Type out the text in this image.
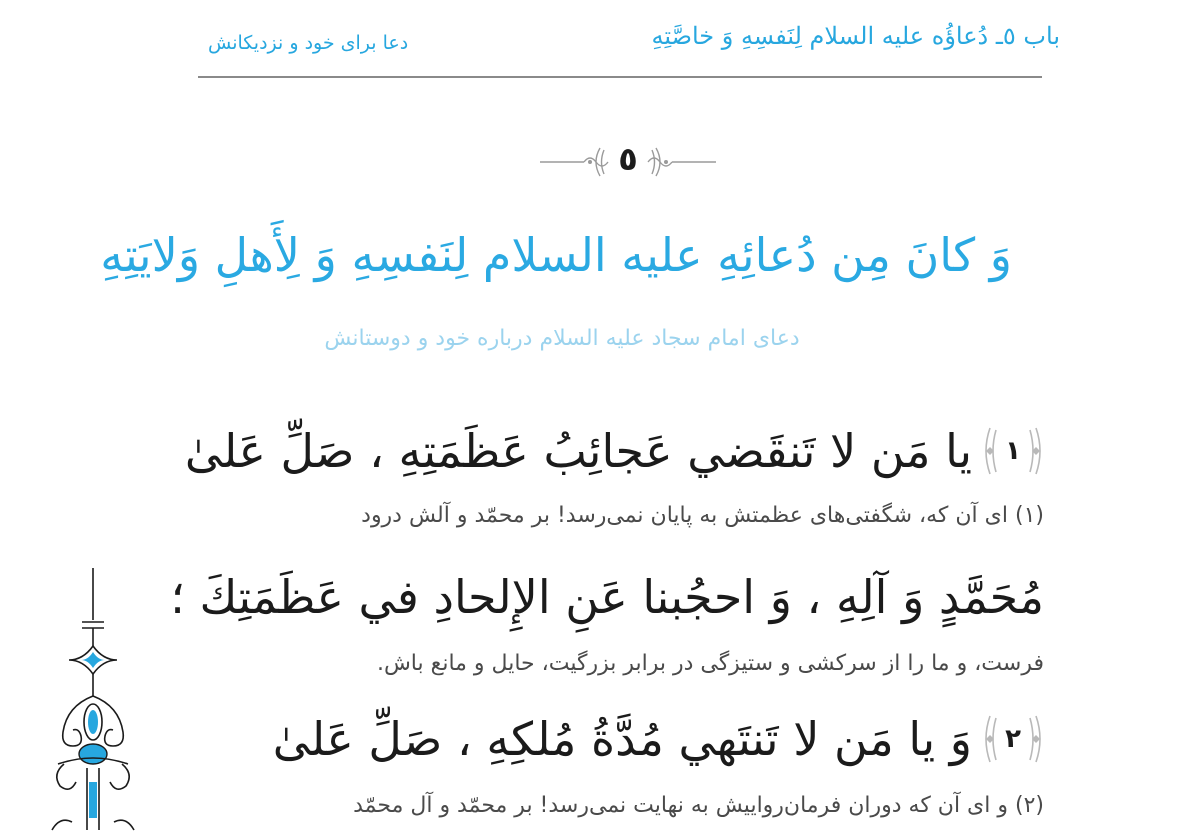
باب ٥ـ دُعاؤُه علیه السلام لِنَفسِهِ وَ خاصَّتِهِ
دعا برای خود و نزدیکانش
٥
وَ كانَ مِن دُعائِهِ عليه السلام لِنَفسِهِ وَ لِأَهلِ وَلايَتِهِ
دعای امام سجاد علیه السلام درباره خود و دوستانش
١
يا مَن لا تَنقَضي عَجائِبُ عَظَمَتِهِ ، صَلِّ عَلىٰ
(١) ای آن که، شگفتی‌های عظمتش به پایان نمی‌رسد! بر محمّد و آلش درود
مُحَمَّدٍ وَ آلِهِ ، وَ احجُبنا عَنِ الإِلحادِ في عَظَمَتِكَ ؛
فرست، و ما را از سرکشی و ستیزگی در برابر بزرگیت، حایل و مانع باش.
٢
وَ يا مَن لا تَنتَهي مُدَّةُ مُلكِهِ ، صَلِّ عَلىٰ
(٢) و ای آن که دوران فرمان‌رواییش به نهایت نمی‌رسد! بر محمّد و آل محمّد
